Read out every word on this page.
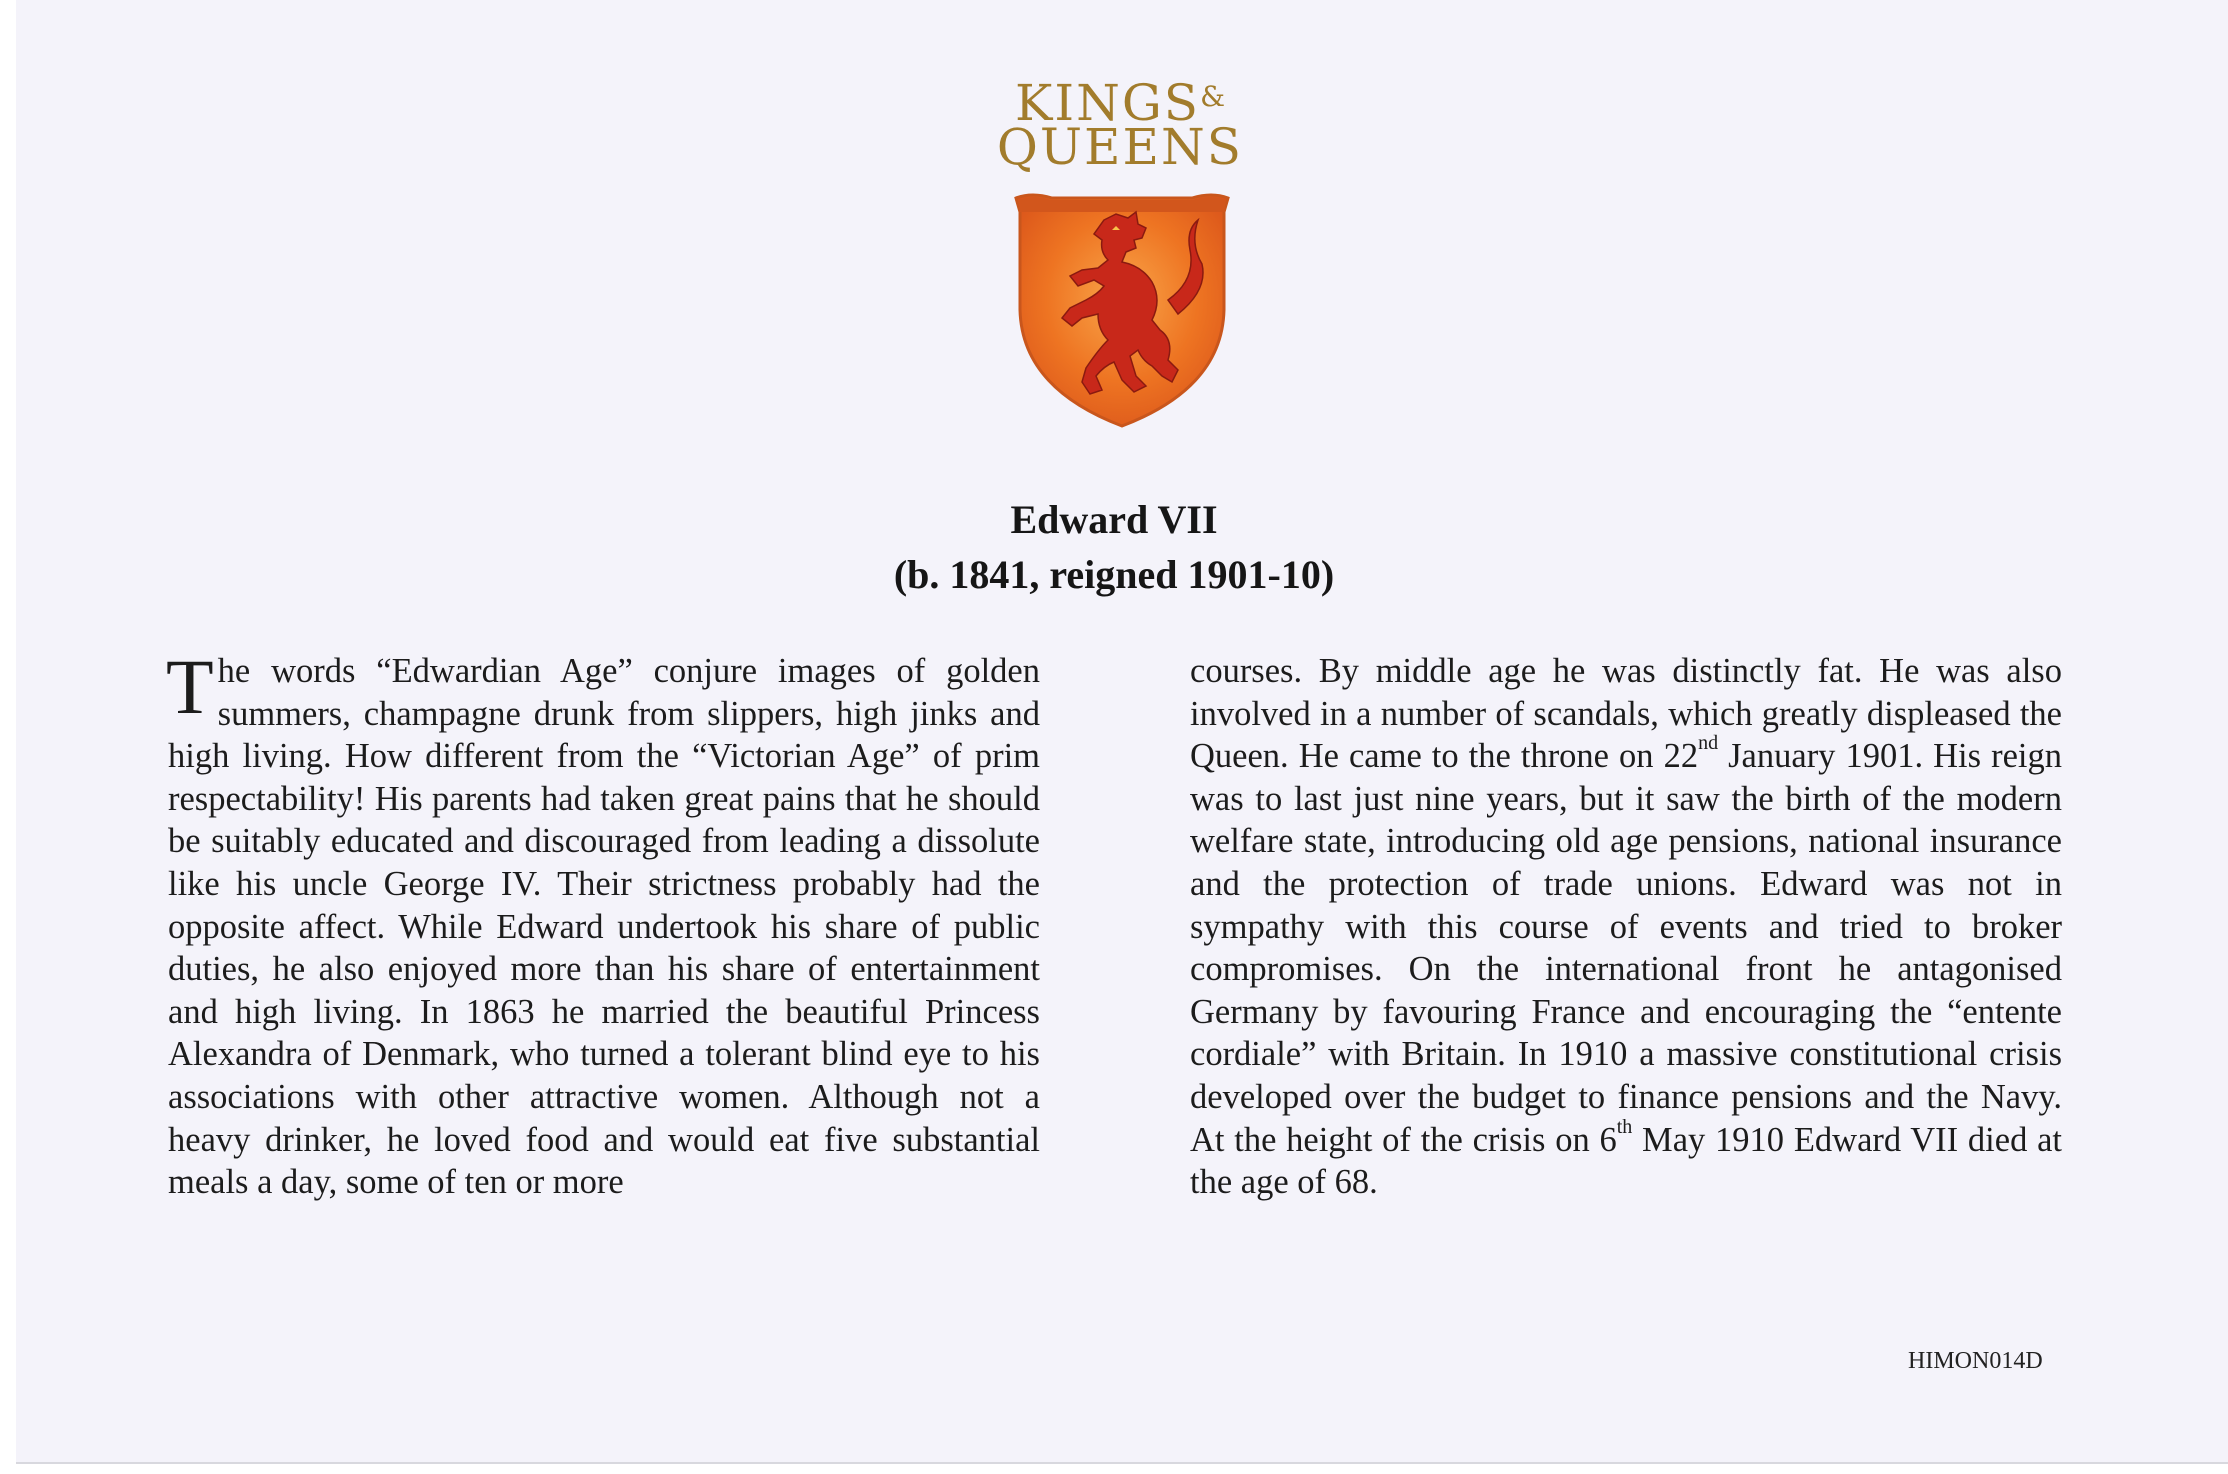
KINGS&
QUEENS
Edward VII
(b. 1841, reigned 1901-10)

The words “Edwardian Age” conjure images of golden summers, champagne drunk from slippers, high jinks and high living. How different from the “Victorian Age” of prim respectability! His parents had taken great pains that he should be suitably educated and discouraged from leading a dissolute like his uncle George IV. Their strictness probably had the opposite affect. While Edward undertook his share of public duties, he also enjoyed more than his share of entertainment and high living. In 1863 he married the beautiful Princess Alexandra of Denmark, who turned a tolerant blind eye to his associations with other attractive women. Although not a heavy drinker, he loved food and would eat five substantial meals a day, some of ten or more

courses. By middle age he was distinctly fat. He was also involved in a number of scandals, which greatly displeased the Queen. He came to the throne on 22nd January 1901. His reign was to last just nine years, but it saw the birth of the modern welfare state, introducing old age pensions, national insurance and the protection of trade unions. Edward was not in sympathy with this course of events and tried to broker compromises. On the international front he antagonised Germany by favouring France and encouraging the “entente cordiale” with Britain. In 1910 a massive constitutional crisis developed over the budget to finance pensions and the Navy. At the height of the crisis on 6th May 1910 Edward VII died at the age of 68.

HIMON014D
